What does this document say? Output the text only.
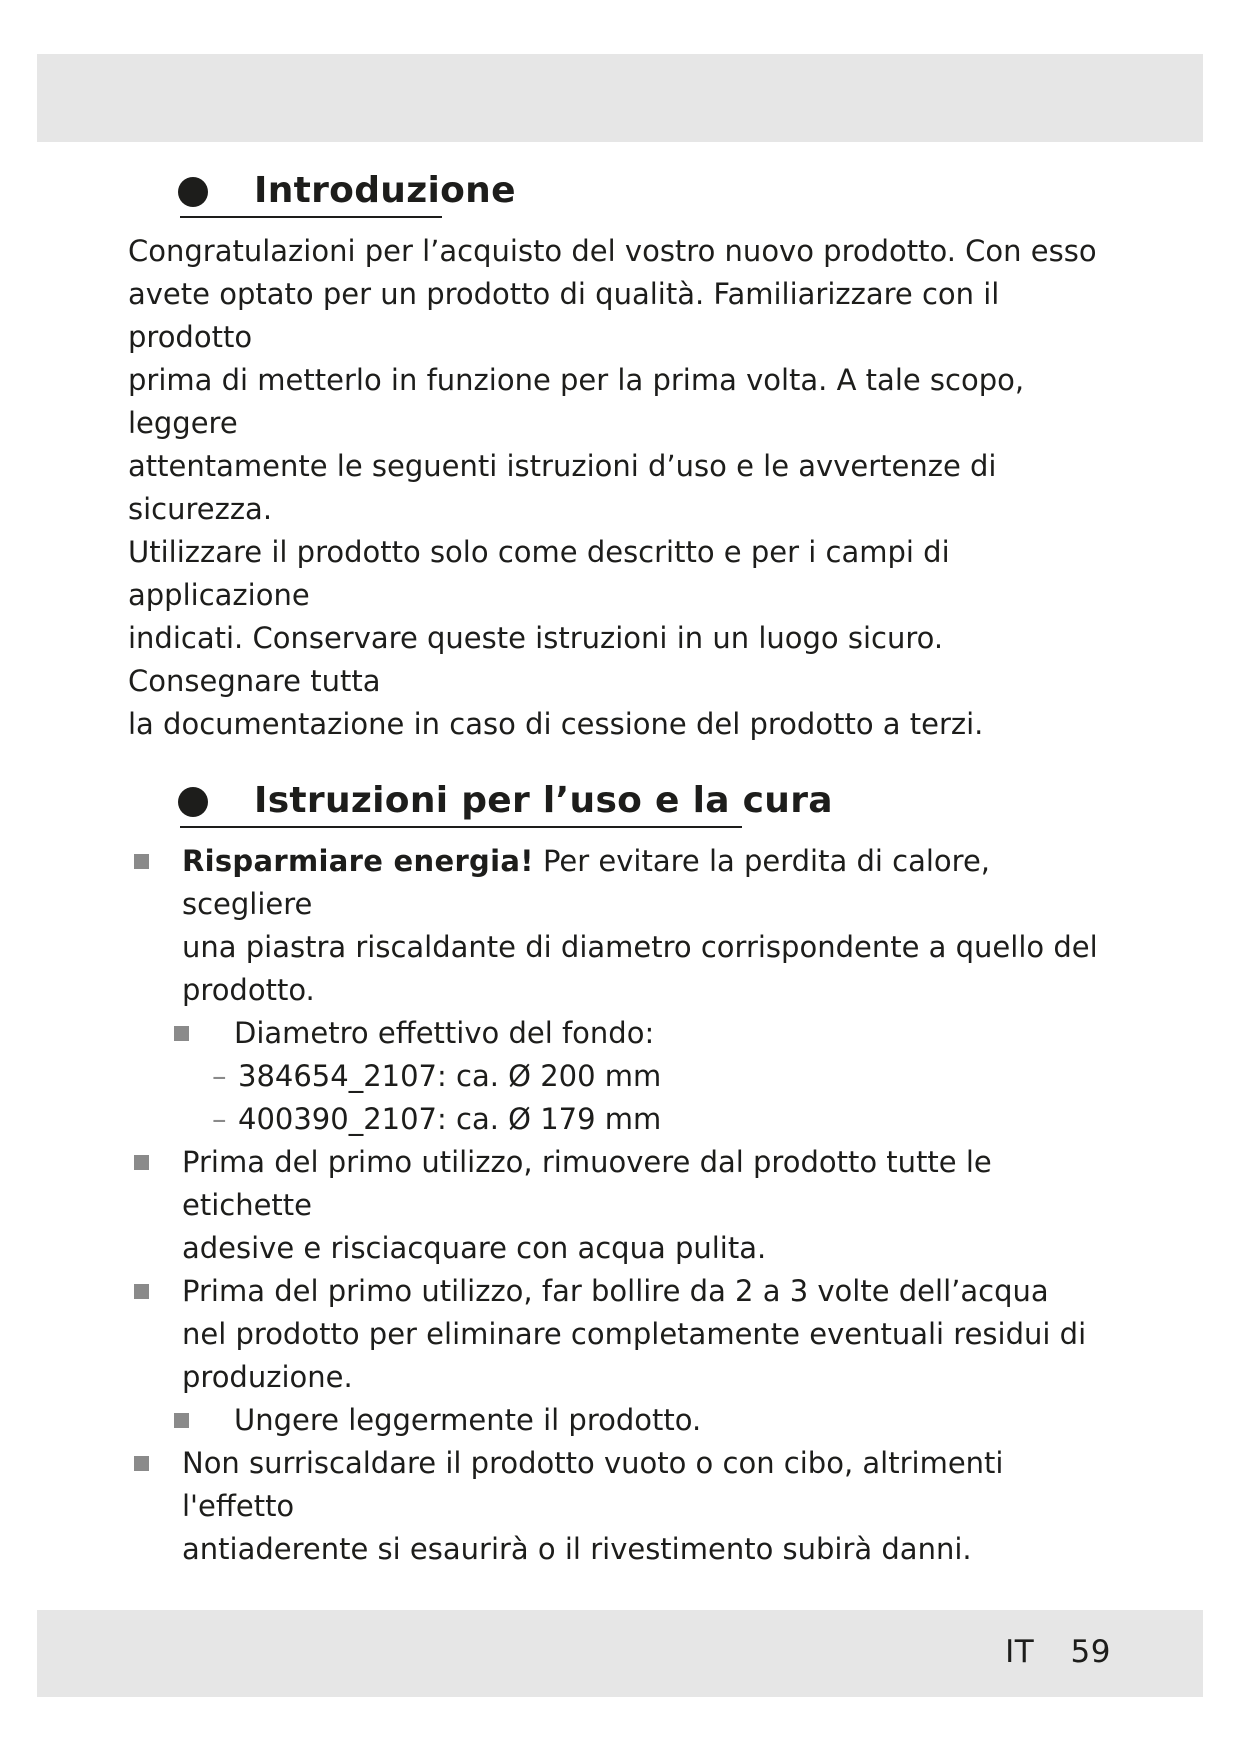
Introduzione

Congratulazioni per l’acquisto del vostro nuovo prodotto. Con esso
avete optato per un prodotto di qualità. Familiarizzare con il prodotto
prima di metterlo in funzione per la prima volta. A tale scopo, leggere
attentamente le seguenti istruzioni d’uso e le avvertenze di sicurezza.
Utilizzare il prodotto solo come descritto e per i campi di applicazione
indicati. Conservare queste istruzioni in un luogo sicuro. Consegnare tutta
la documentazione in caso di cessione del prodotto a terzi.

Istruzioni per l’uso e la cura
Risparmiare energia! Per evitare la perdita di calore, scegliere
una piastra riscaldante di diametro corrispondente a quello del
prodotto.
Diametro effettivo del fondo:
– 384654_2107: ca. Ø 200 mm
– 400390_2107: ca. Ø 179 mm
Prima del primo utilizzo, rimuovere dal prodotto tutte le etichette
adesive e risciacquare con acqua pulita.
Prima del primo utilizzo, far bollire da 2 a 3 volte dell’acqua
nel prodotto per eliminare completamente eventuali residui di
produzione.
Ungere leggermente il prodotto.
Non surriscaldare il prodotto vuoto o con cibo, altrimenti l'effetto
antiaderente si esaurirà o il rivestimento subirà danni.
IT 59
